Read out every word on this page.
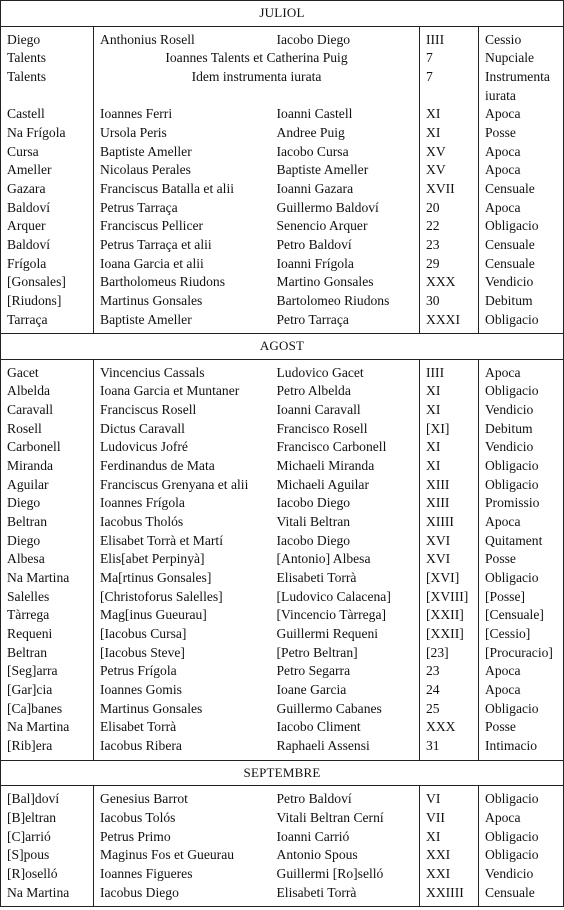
JULIOL				
Diego	Anthonius Rosell	Iacobo Diego	IIII	Cessio
Talents	Ioannes Talents et Catherina Puig		7	Nupciale
Talents	Idem instrumenta iurata		7	Instrumenta iurata
Castell	Ioannes Ferri	Ioanni Castell	XI	Apoca
Na Frígola	Ursola Peris	Andree Puig	XI	Posse
Cursa	Baptiste Ameller	Iacobo Cursa	XV	Apoca
Ameller	Nicolaus Perales	Baptiste Ameller	XV	Apoca
Gazara	Franciscus Batalla et alii	Ioanni Gazara	XVII	Censuale
Baldoví	Petrus Tarraça	Guillermo Baldoví	20	Apoca
Arquer	Franciscus Pellicer	Senencio Arquer	22	Obligacio
Baldoví	Petrus Tarraça et alii	Petro Baldoví	23	Censuale
Frígola	Ioana Garcia et alii	Ioanni Frígola	29	Censuale
[Gonsales]	Bartholomeus Riudons	Martino Gonsales	XXX	Vendicio
[Riudons]	Martinus Gonsales	Bartolomeo Riudons	30	Debitum
Tarraça	Baptiste Ameller	Petro Tarraça	XXXI	Obligacio
AGOST				
Gacet	Vincencius Cassals	Ludovico Gacet	IIII	Apoca
Albelda	Ioana Garcia et Muntaner	Petro Albelda	XI	Obligacio
Caravall	Franciscus Rosell	Ioanni Caravall	XI	Vendicio
Rosell	Dictus Caravall	Francisco Rosell	[XI]	Debitum
Carbonell	Ludovicus Jofré	Francisco Carbonell	XI	Vendicio
Miranda	Ferdinandus de Mata	Michaeli Miranda	XI	Obligacio
Aguilar	Franciscus Grenyana et alii	Michaeli Aguilar	XIII	Obligacio
Diego	Ioannes Frígola	Iacobo Diego	XIII	Promissio
Beltran	Iacobus Tholós	Vitali Beltran	XIIII	Apoca
Diego	Elisabet Torrà et Martí	Iacobo Diego	XVI	Quitament
Albesa	Elis[abet Perpinyà]	[Antonio] Albesa	XVI	Posse
Na Martina	Ma[rtinus Gonsales]	Elisabeti Torrà	[XVI]	Obligacio
Salelles	[Christoforus Salelles]	[Ludovico Calacena]	[XVIII]	[Posse]
Tàrrega	Mag[inus Gueurau]	[Vincencio Tàrrega]	[XXII]	[Censuale]
Requeni	[Iacobus Cursa]	Guillermi Requeni	[XXII]	[Cessio]
Beltran	[Iacobus Steve]	[Petro Beltran]	[23]	[Procuracio]
[Seg]arra	Petrus Frígola	Petro Segarra	23	Apoca
[Gar]cia	Ioannes Gomis	Ioane Garcia	24	Apoca
[Ca]banes	Martinus Gonsales	Guillermo Cabanes	25	Obligacio
Na Martina	Elisabet Torrà	Iacobo Climent	XXX	Posse
[Rib]era	Iacobus Ribera	Raphaeli Assensi	31	Intimacio
SEPTEMBRE				
[Bal]doví	Genesius Barrot	Petro Baldoví	VI	Obligacio
[B]eltran	Iacobus Tolós	Vitali Beltran Cerní	VII	Apoca
[C]arrió	Petrus Primo	Ioanni Carrió	XI	Obligacio
[S]pous	Maginus Fos et Gueurau	Antonio Spous	XXI	Obligacio
[R]oselló	Ioannes Figueres	Guillermi [Ro]selló	XXI	Vendicio
Na Martina	Iacobus Diego	Elisabeti Torrà	XXIIII	Censuale
